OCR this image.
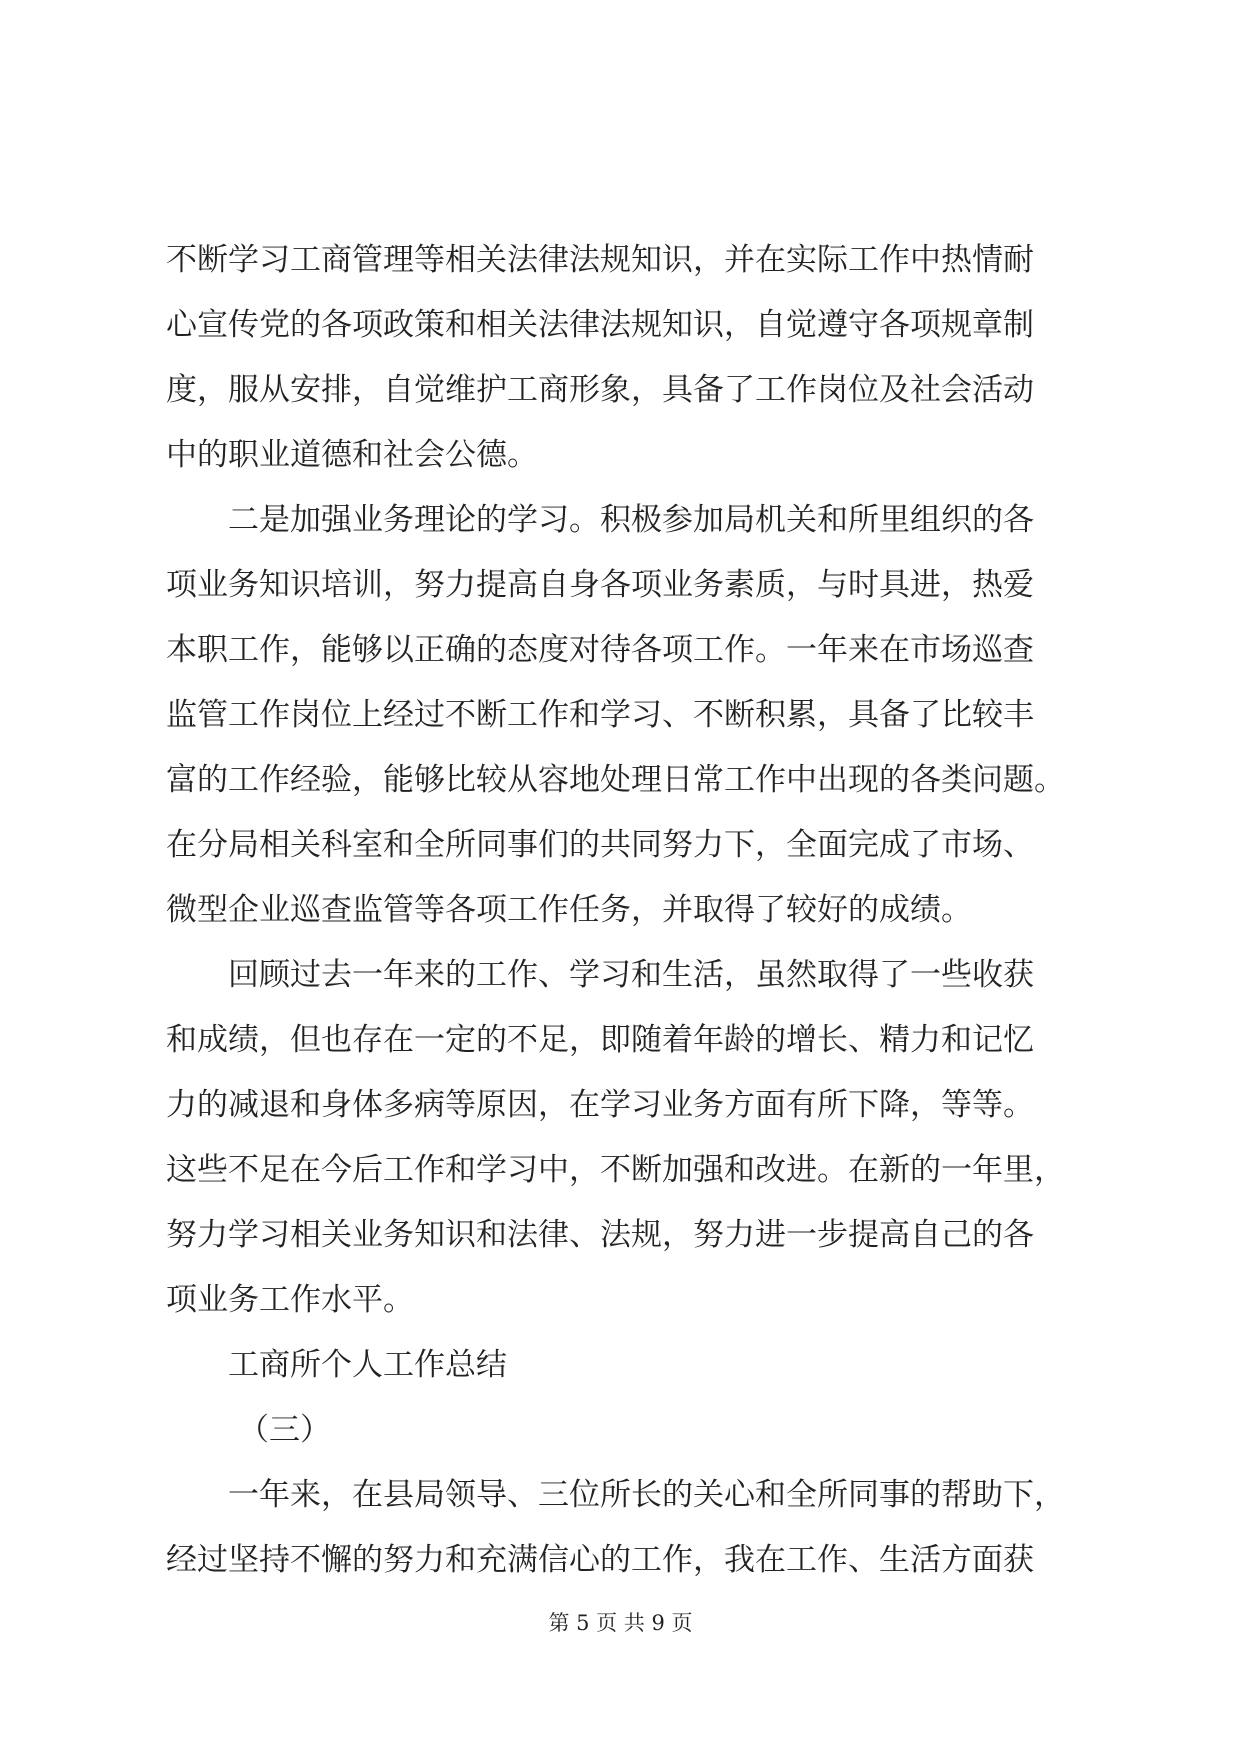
不断学习工商管理等相关法律法规知识，并在实际工作中热情耐
心宣传党的各项政策和相关法律法规知识，自觉遵守各项规章制
度，服从安排，自觉维护工商形象，具备了工作岗位及社会活动
中的职业道德和社会公德。
二是加强业务理论的学习。积极参加局机关和所里组织的各
项业务知识培训，努力提高自身各项业务素质，与时具进，热爱
本职工作，能够以正确的态度对待各项工作。一年来在市场巡查
监管工作岗位上经过不断工作和学习、不断积累，具备了比较丰
富的工作经验，能够比较从容地处理日常工作中出现的各类问题。
在分局相关科室和全所同事们的共同努力下，全面完成了市场、
微型企业巡查监管等各项工作任务，并取得了较好的成绩。
回顾过去一年来的工作、学习和生活，虽然取得了一些收获
和成绩，但也存在一定的不足，即随着年龄的增长、精力和记忆
力的减退和身体多病等原因，在学习业务方面有所下降，等等。
这些不足在今后工作和学习中，不断加强和改进。在新的一年里，
努力学习相关业务知识和法律、法规，努力进一步提高自己的各
项业务工作水平。
工商所个人工作总结
（三）
一年来，在县局领导、三位所长的关心和全所同事的帮助下，
经过坚持不懈的努力和充满信心的工作，我在工作、生活方面获
第 5 页 共 9 页
